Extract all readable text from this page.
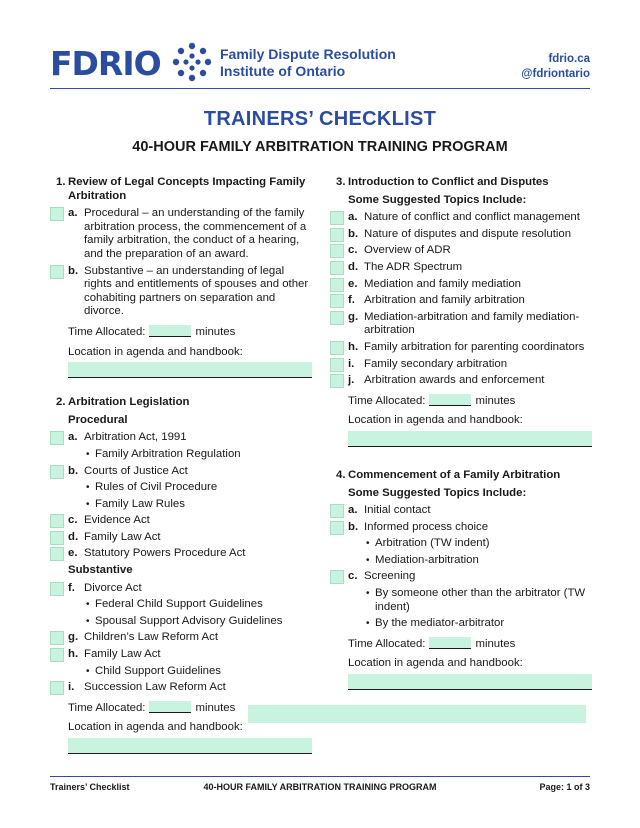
FDRIO	Family Dispute Resolution
Institute of Ontario
fdrio.ca
@fdriontario
TRAINERS’ CHECKLIST
40-HOUR FAMILY ARBITRATION TRAINING PROGRAM
1. Review of Legal Concepts Impacting Family Arbitration
a. Procedural – an understanding of the family arbitration process, the commencement of a family arbitration, the conduct of a hearing, and the preparation of an award.
b. Substantive – an understanding of legal rights and entitlements of spouses and other cohabiting partners on separation and divorce.
Time Allocated:	minutes
Location in agenda and handbook:
2. Arbitration Legislation
Procedural
a. Arbitration Act, 1991
• Family Arbitration Regulation
b. Courts of Justice Act
• Rules of Civil Procedure
• Family Law Rules
c. Evidence Act
d. Family Law Act
e. Statutory Powers Procedure Act
Substantive
f. Divorce Act
• Federal Child Support Guidelines
• Spousal Support Advisory Guidelines
g. Children’s Law Reform Act
h. Family Law Act
• Child Support Guidelines
i. Succession Law Reform Act
Time Allocated:	minutes
Location in agenda and handbook:
3. Introduction to Conflict and Disputes
Some Suggested Topics Include:
a. Nature of conflict and conflict management
b. Nature of disputes and dispute resolution
c. Overview of ADR
d. The ADR Spectrum
e. Mediation and family mediation
f. Arbitration and family arbitration
g. Mediation-arbitration and family mediation-arbitration
h. Family arbitration for parenting coordinators
i. Family secondary arbitration
j. Arbitration awards and enforcement
Time Allocated:	minutes
Location in agenda and handbook:
4. Commencement of a Family Arbitration
Some Suggested Topics Include:
a. Initial contact
b. Informed process choice
• Arbitration (TW indent)
• Mediation-arbitration
c. Screening
• By someone other than the arbitrator (TW indent)
• By the mediator-arbitrator
Time Allocated:	minutes
Location in agenda and handbook:
Trainers’ Checklist	40-HOUR FAMILY ARBITRATION TRAINING PROGRAM	Page: 1 of 3
